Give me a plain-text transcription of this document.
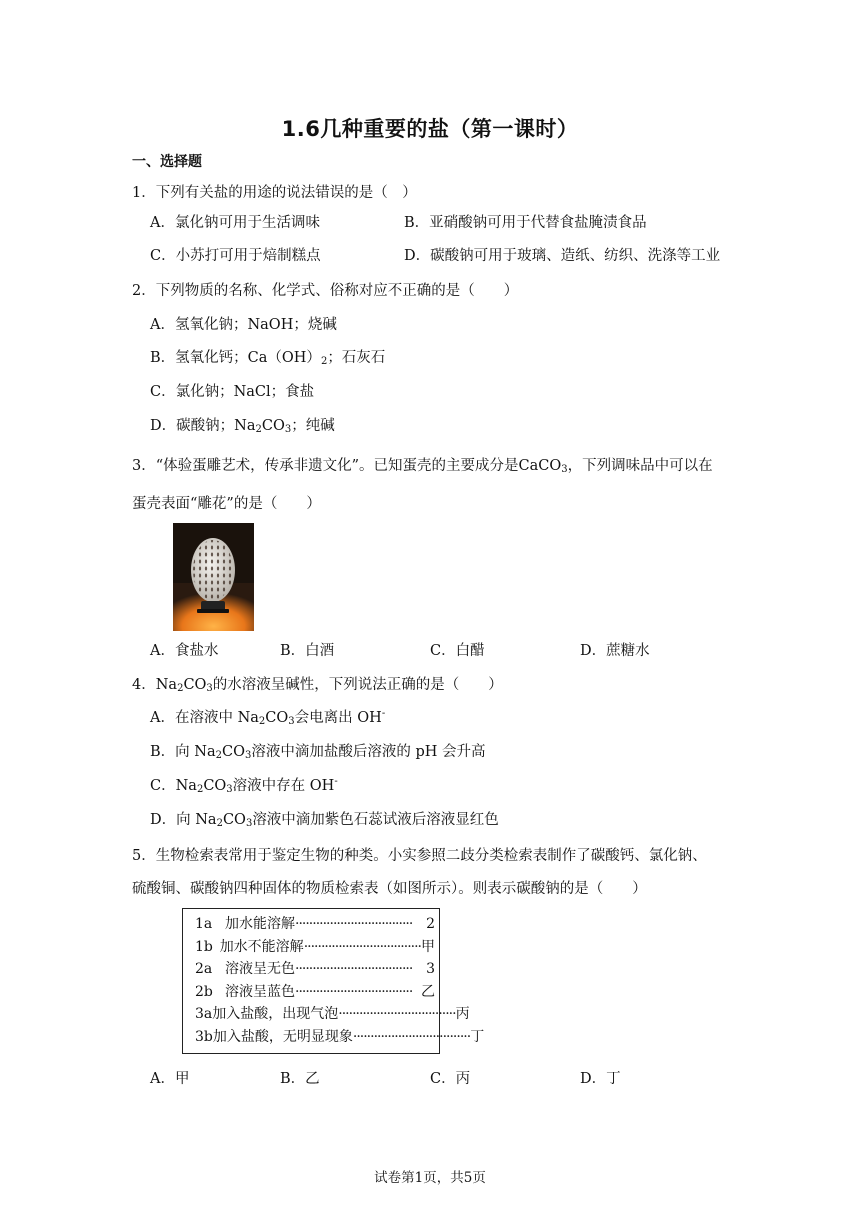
1.6几种重要的盐（第一课时）
一、选择题
1．下列有关盐的用途的说法错误的是（　）
A．氯化钠可用于生活调味	B．亚硝酸钠可用于代替食盐腌渍食品
C．小苏打可用于焙制糕点	D．碳酸钠可用于玻璃、造纸、纺织、洗涤等工业
2．下列物质的名称、化学式、俗称对应不正确的是（　　）
A．氢氧化钠；NaOH；烧碱
B．氢氧化钙；$Ca(OH)_2$；石灰石
C．氯化钠；NaCl；食盐
D．碳酸钠；$Na_2CO_3$；纯碱
3．“体验蛋雕艺术，传承非遗文化”。已知蛋壳的主要成分是CaCO$_3$，下列调味品中可以在
蛋壳表面“雕花”的是（　　）
A．食盐水	B．白酒	C．白醋	D．蔗糖水
4．$Na_2CO_3$的水溶液呈碱性，下列说法正确的是（　　）
A．在溶液中 $Na_2CO_3$会电离出 OH-
B．向 $Na_2CO_3$溶液中滴加盐酸后溶液的 pH 会升高
C．$Na_2CO_3$溶液中存在 OH-
D．向 $Na_2CO_3$溶液中滴加紫色石蕊试液后溶液显红色
5．生物检索表常用于鉴定生物的种类。小实参照二歧分类检索表制作了碳酸钙、氯化钠、
硫酸铜、碳酸钠四种固体的物质检索表（如图所示）。则表示碳酸钠的是（　　）
1a 加水能溶解 ·································· 2
1b 加水不能溶解 ·································· 甲
2a 溶液呈无色 ·································· 3
2b 溶液呈蓝色 ·································· 乙
3a 加入盐酸，出现气泡 ·································· 丙
3b 加入盐酸，无明显现象 ·································· 丁
A．甲	B．乙	C．丙	D．丁
试卷第1页，共5页
